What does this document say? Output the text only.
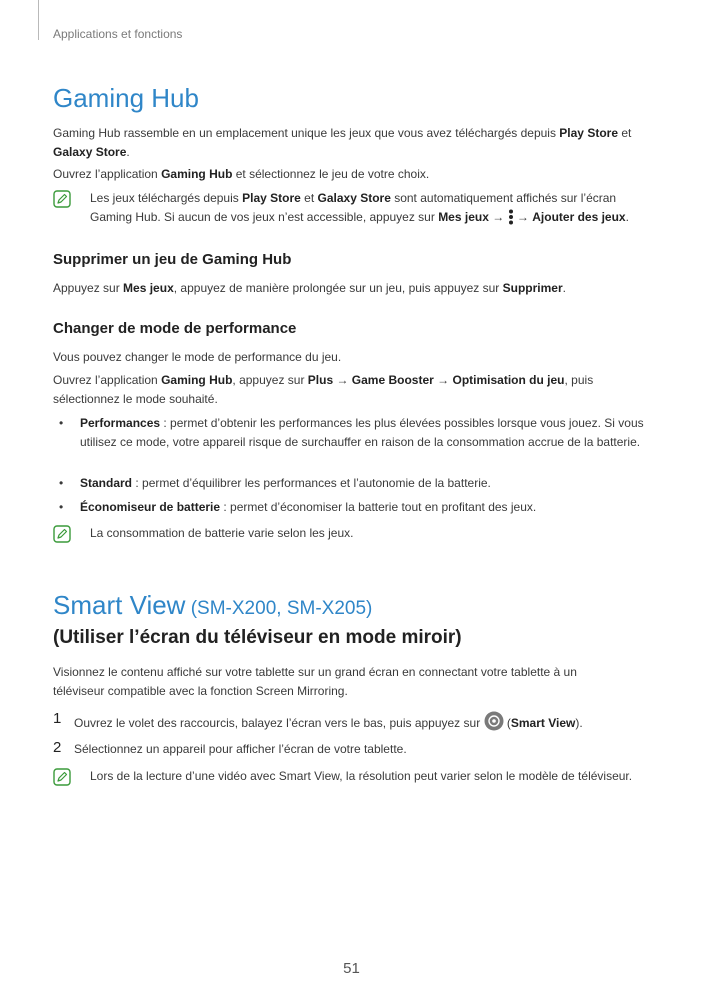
Applications et fonctions
Gaming Hub

Gaming Hub rassemble en un emplacement unique les jeux que vous avez téléchargés depuis Play Store et Galaxy Store.

Ouvrez l’application Gaming Hub et sélectionnez le jeu de votre choix.

Les jeux téléchargés depuis Play Store et Galaxy Store sont automatiquement affichés sur l’écran Gaming Hub. Si aucun de vos jeux n’est accessible, appuyez sur Mes jeux →  → Ajouter des jeux.

Supprimer un jeu de Gaming Hub

Appuyez sur Mes jeux, appuyez de manière prolongée sur un jeu, puis appuyez sur Supprimer.

Changer de mode de performance

Vous pouvez changer le mode de performance du jeu.

Ouvrez l’application Gaming Hub, appuyez sur Plus → Game Booster → Optimisation du jeu, puis sélectionnez le mode souhaité.

• Performances : permet d’obtenir les performances les plus élevées possibles lorsque vous jouez. Si vous utilisez ce mode, votre appareil risque de surchauffer en raison de la consommation accrue de la batterie.

• Standard : permet d’équilibrer les performances et l’autonomie de la batterie.

• Économiseur de batterie : permet d’économiser la batterie tout en profitant des jeux.

La consommation de batterie varie selon les jeux.

Smart View (SM-X200, SM-X205)
(Utiliser l’écran du téléviseur en mode miroir)

Visionnez le contenu affiché sur votre tablette sur un grand écran en connectant votre tablette à un téléviseur compatible avec la fonction Screen Mirroring.

1 Ouvrez le volet des raccourcis, balayez l’écran vers le bas, puis appuyez sur  (Smart View).

2 Sélectionnez un appareil pour afficher l’écran de votre tablette.

Lors de la lecture d’une vidéo avec Smart View, la résolution peut varier selon le modèle de téléviseur.

51
